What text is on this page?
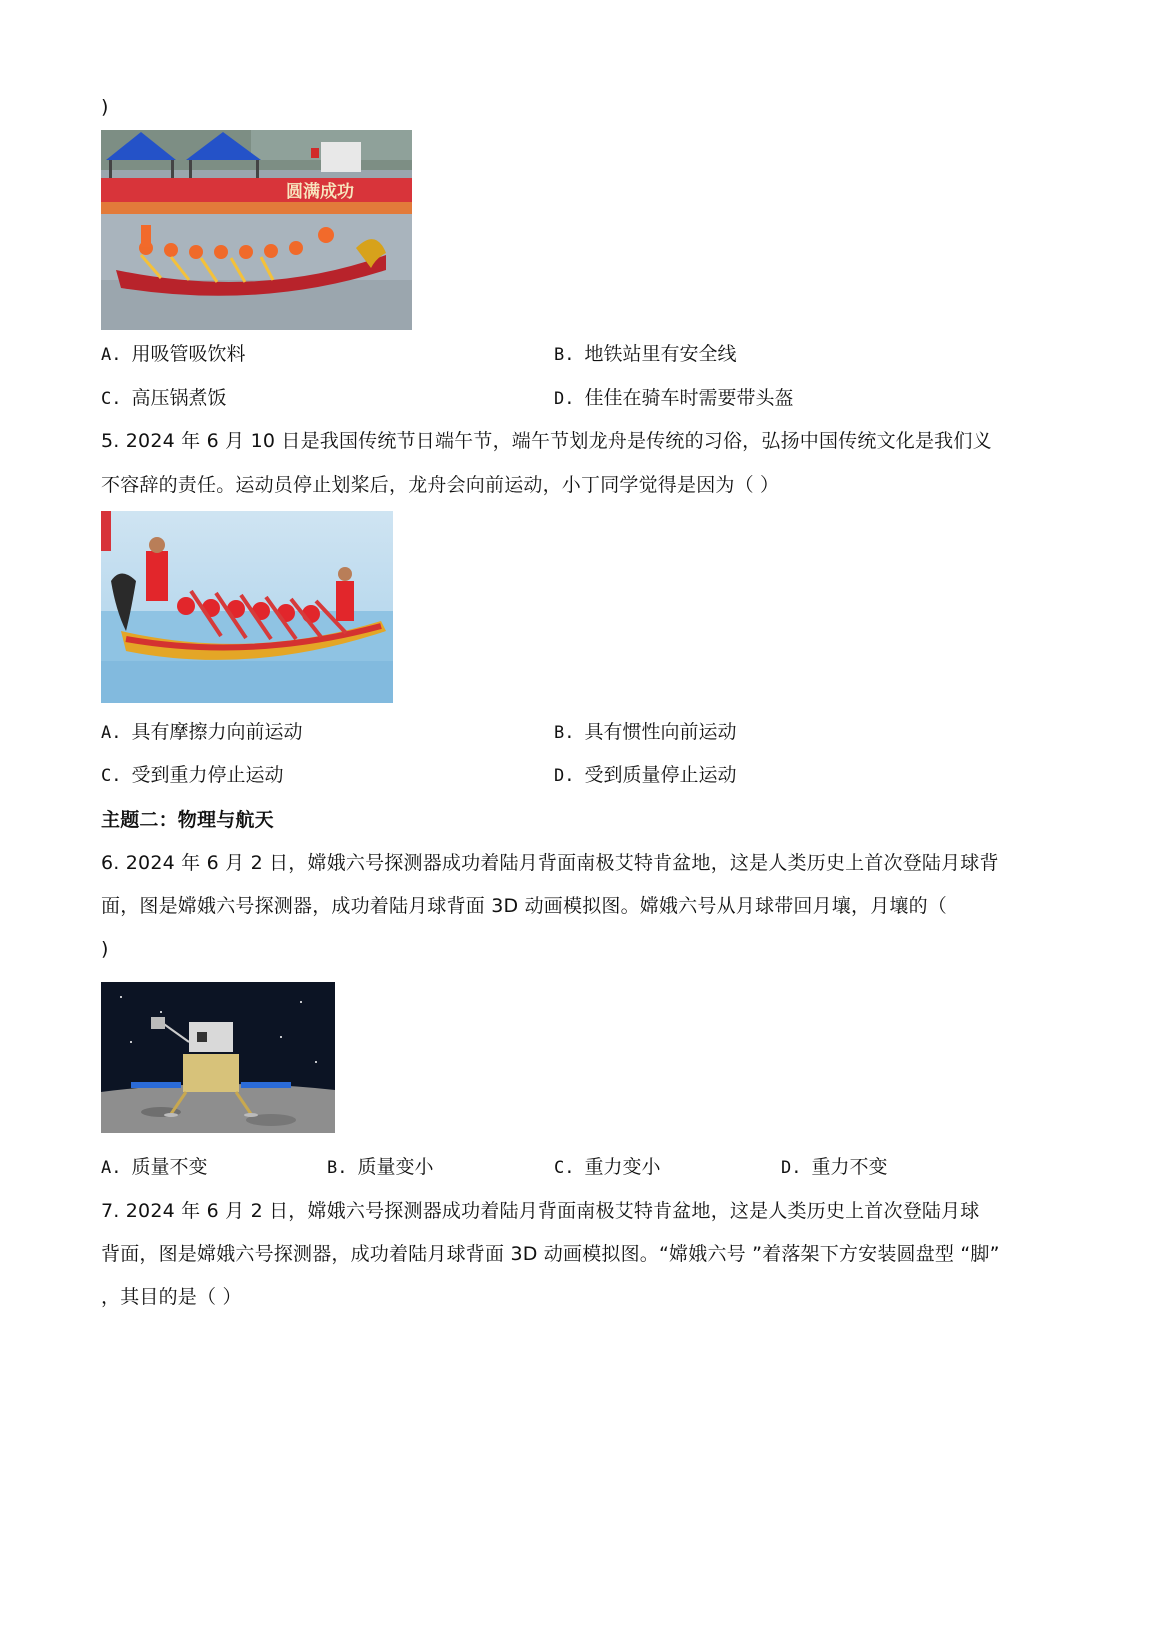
)
圆满成功
A. 用吸管吸饮料	B. 地铁站里有安全线
C. 高压锅煮饭	D. 佳佳在骑车时需要带头盔
5. 2024 年 6 月 10 日是我国传统节日端午节，端午节划龙舟是传统的习俗，弘扬中国传统文化是我们义
不容辞的责任。运动员停止划桨后，龙舟会向前运动，小丁同学觉得是因为（ ）
A. 具有摩擦力向前运动	B. 具有惯性向前运动
C. 受到重力停止运动	D. 受到质量停止运动
主题二：物理与航天
6. 2024 年 6 月 2 日，嫦娥六号探测器成功着陆月背面南极艾特肯盆地，这是人类历史上首次登陆月球背
面，图是嫦娥六号探测器，成功着陆月球背面 3D 动画模拟图。嫦娥六号从月球带回月壤，月壤的（
)
A. 质量不变	B. 质量变小	C. 重力变小	D. 重力不变
7. 2024 年 6 月 2 日，嫦娥六号探测器成功着陆月背面南极艾特肯盆地，这是人类历史上首次登陆月球
背面，图是嫦娥六号探测器，成功着陆月球背面 3D 动画模拟图。“嫦娥六号 ”着落架下方安装圆盘型 “脚”
，其目的是（ ）
